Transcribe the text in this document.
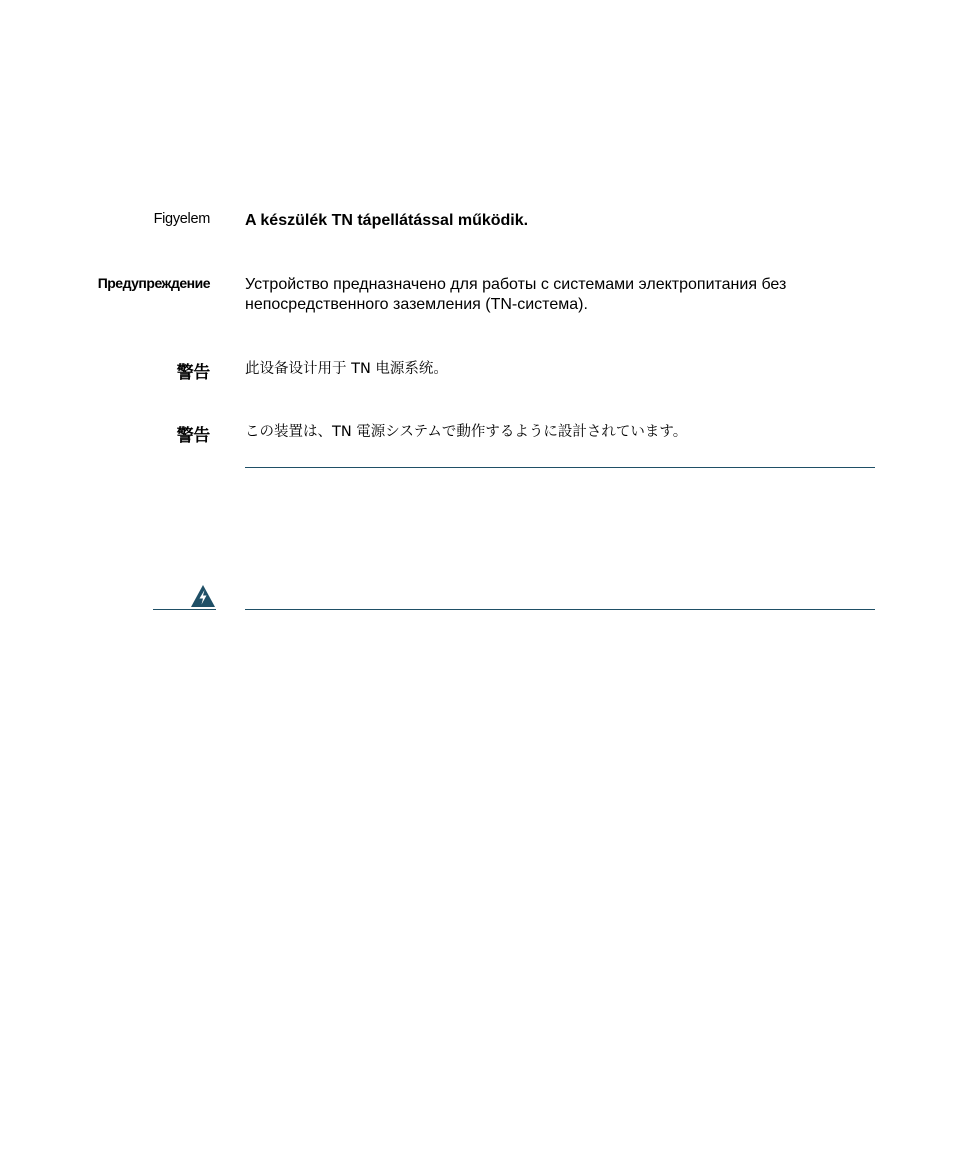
Figyelem A készülék TN tápellátással működik.
Предупреждение Устройство предназначено для работы с системами электропитания без непосредственного заземления (TN-система).
警告 此设备设计用于 TN 电源系统。
警告 この装置は、TN 電源システムで動作するように設計されています。
